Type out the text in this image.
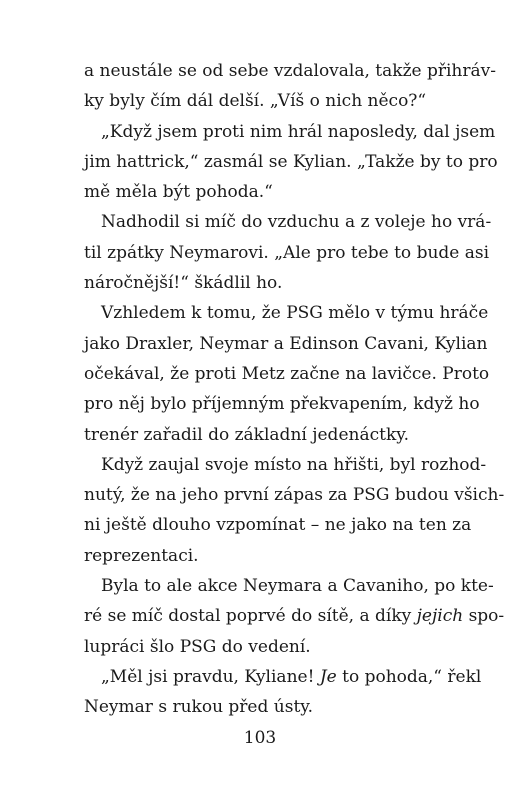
a neustále se od sebe vzdalovala, takže přihráv-
ky byly čím dál delší. „Víš o nich něco?“
„Když jsem proti nim hrál naposledy, dal jsem
jim hattrick,“ zasmál se Kylian. „Takže by to pro
mě měla být pohoda.“
Nadhodil si míč do vzduchu a z voleje ho vrá-
til zpátky Neymarovi. „Ale pro tebe to bude asi
náročnější!“ škádlil ho.
Vzhledem k tomu, že PSG mělo v týmu hráče
jako Draxler, Neymar a Edinson Cavani, Kylian
očekával, že proti Metz začne na lavičce. Proto
pro něj bylo příjemným překvapením, když ho
trenér zařadil do základní jedenáctky.
Když zaujal svoje místo na hřišti, byl rozhod-
nutý, že na jeho první zápas za PSG budou všich-
ni ještě dlouho vzpomínat – ne jako na ten za
reprezentaci.
Byla to ale akce Neymara a Cavaniho, po kte-
ré se míč dostal poprvé do sítě, a díky jejich spo-
lupráci šlo PSG do vedení.
„Měl jsi pravdu, Kyliane! Je to pohoda,“ řekl
Neymar s rukou před ústy.
103
